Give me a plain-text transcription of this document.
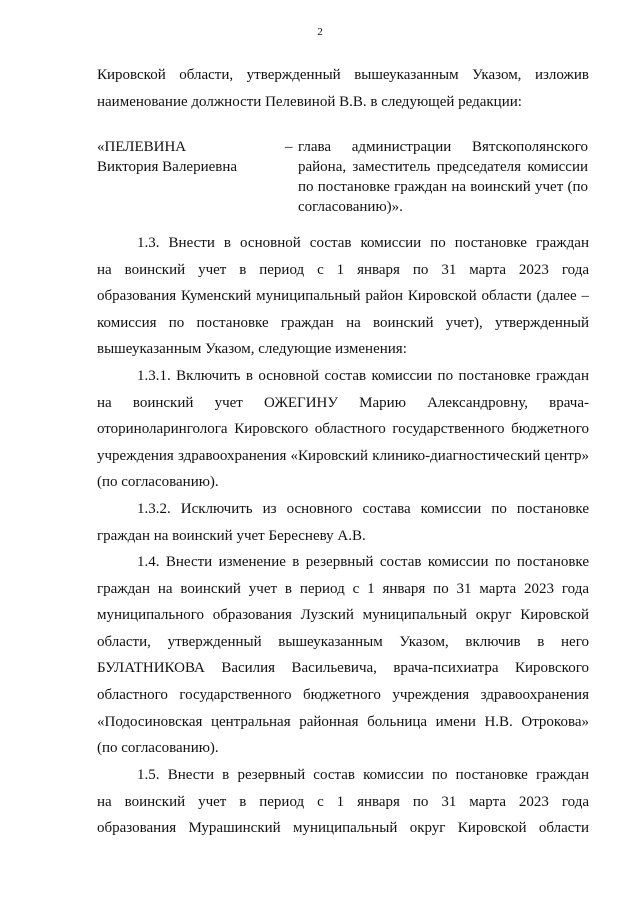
2
Кировской области, утвержденный вышеуказанным Указом, изложив
наименование должности Пелевиной В.В. в следующей редакции:
«ПЕЛЕВИНА
Виктория Валериевна
– глава администрации Вятскополянского
района, заместитель председателя комиссии
по постановке граждан на воинский учет (по
согласованию)».
1.3. Внести в основной состав комиссии по постановке граждан
на воинский учет в период с 1 января по 31 марта 2023 года
образования Куменский муниципальный район Кировской области (далее –
комиссия по постановке граждан на воинский учет), утвержденный
вышеуказанным Указом, следующие изменения:
1.3.1. Включить в основной состав комиссии по постановке граждан
на воинский учет ОЖЕГИНУ Марию Александровну, врача-
оториноларинголога Кировского областного государственного бюджетного
учреждения здравоохранения «Кировский клинико-диагностический центр»
(по согласованию).
1.3.2. Исключить из основного состава комиссии по постановке
граждан на воинский учет Бересневу А.В.
1.4. Внести изменение в резервный состав комиссии по постановке
граждан на воинский учет в период с 1 января по 31 марта 2023 года
муниципального образования Лузский муниципальный округ Кировской
области, утвержденный вышеуказанным Указом, включив в него
БУЛАТНИКОВА Василия Васильевича, врача-психиатра Кировского
областного государственного бюджетного учреждения здравоохранения
«Подосиновская центральная районная больница имени Н.В. Отрокова»
(по согласованию).
1.5. Внести в резервный состав комиссии по постановке граждан
на воинский учет в период с 1 января по 31 марта 2023 года
образования Мурашинский муниципальный округ Кировской области
